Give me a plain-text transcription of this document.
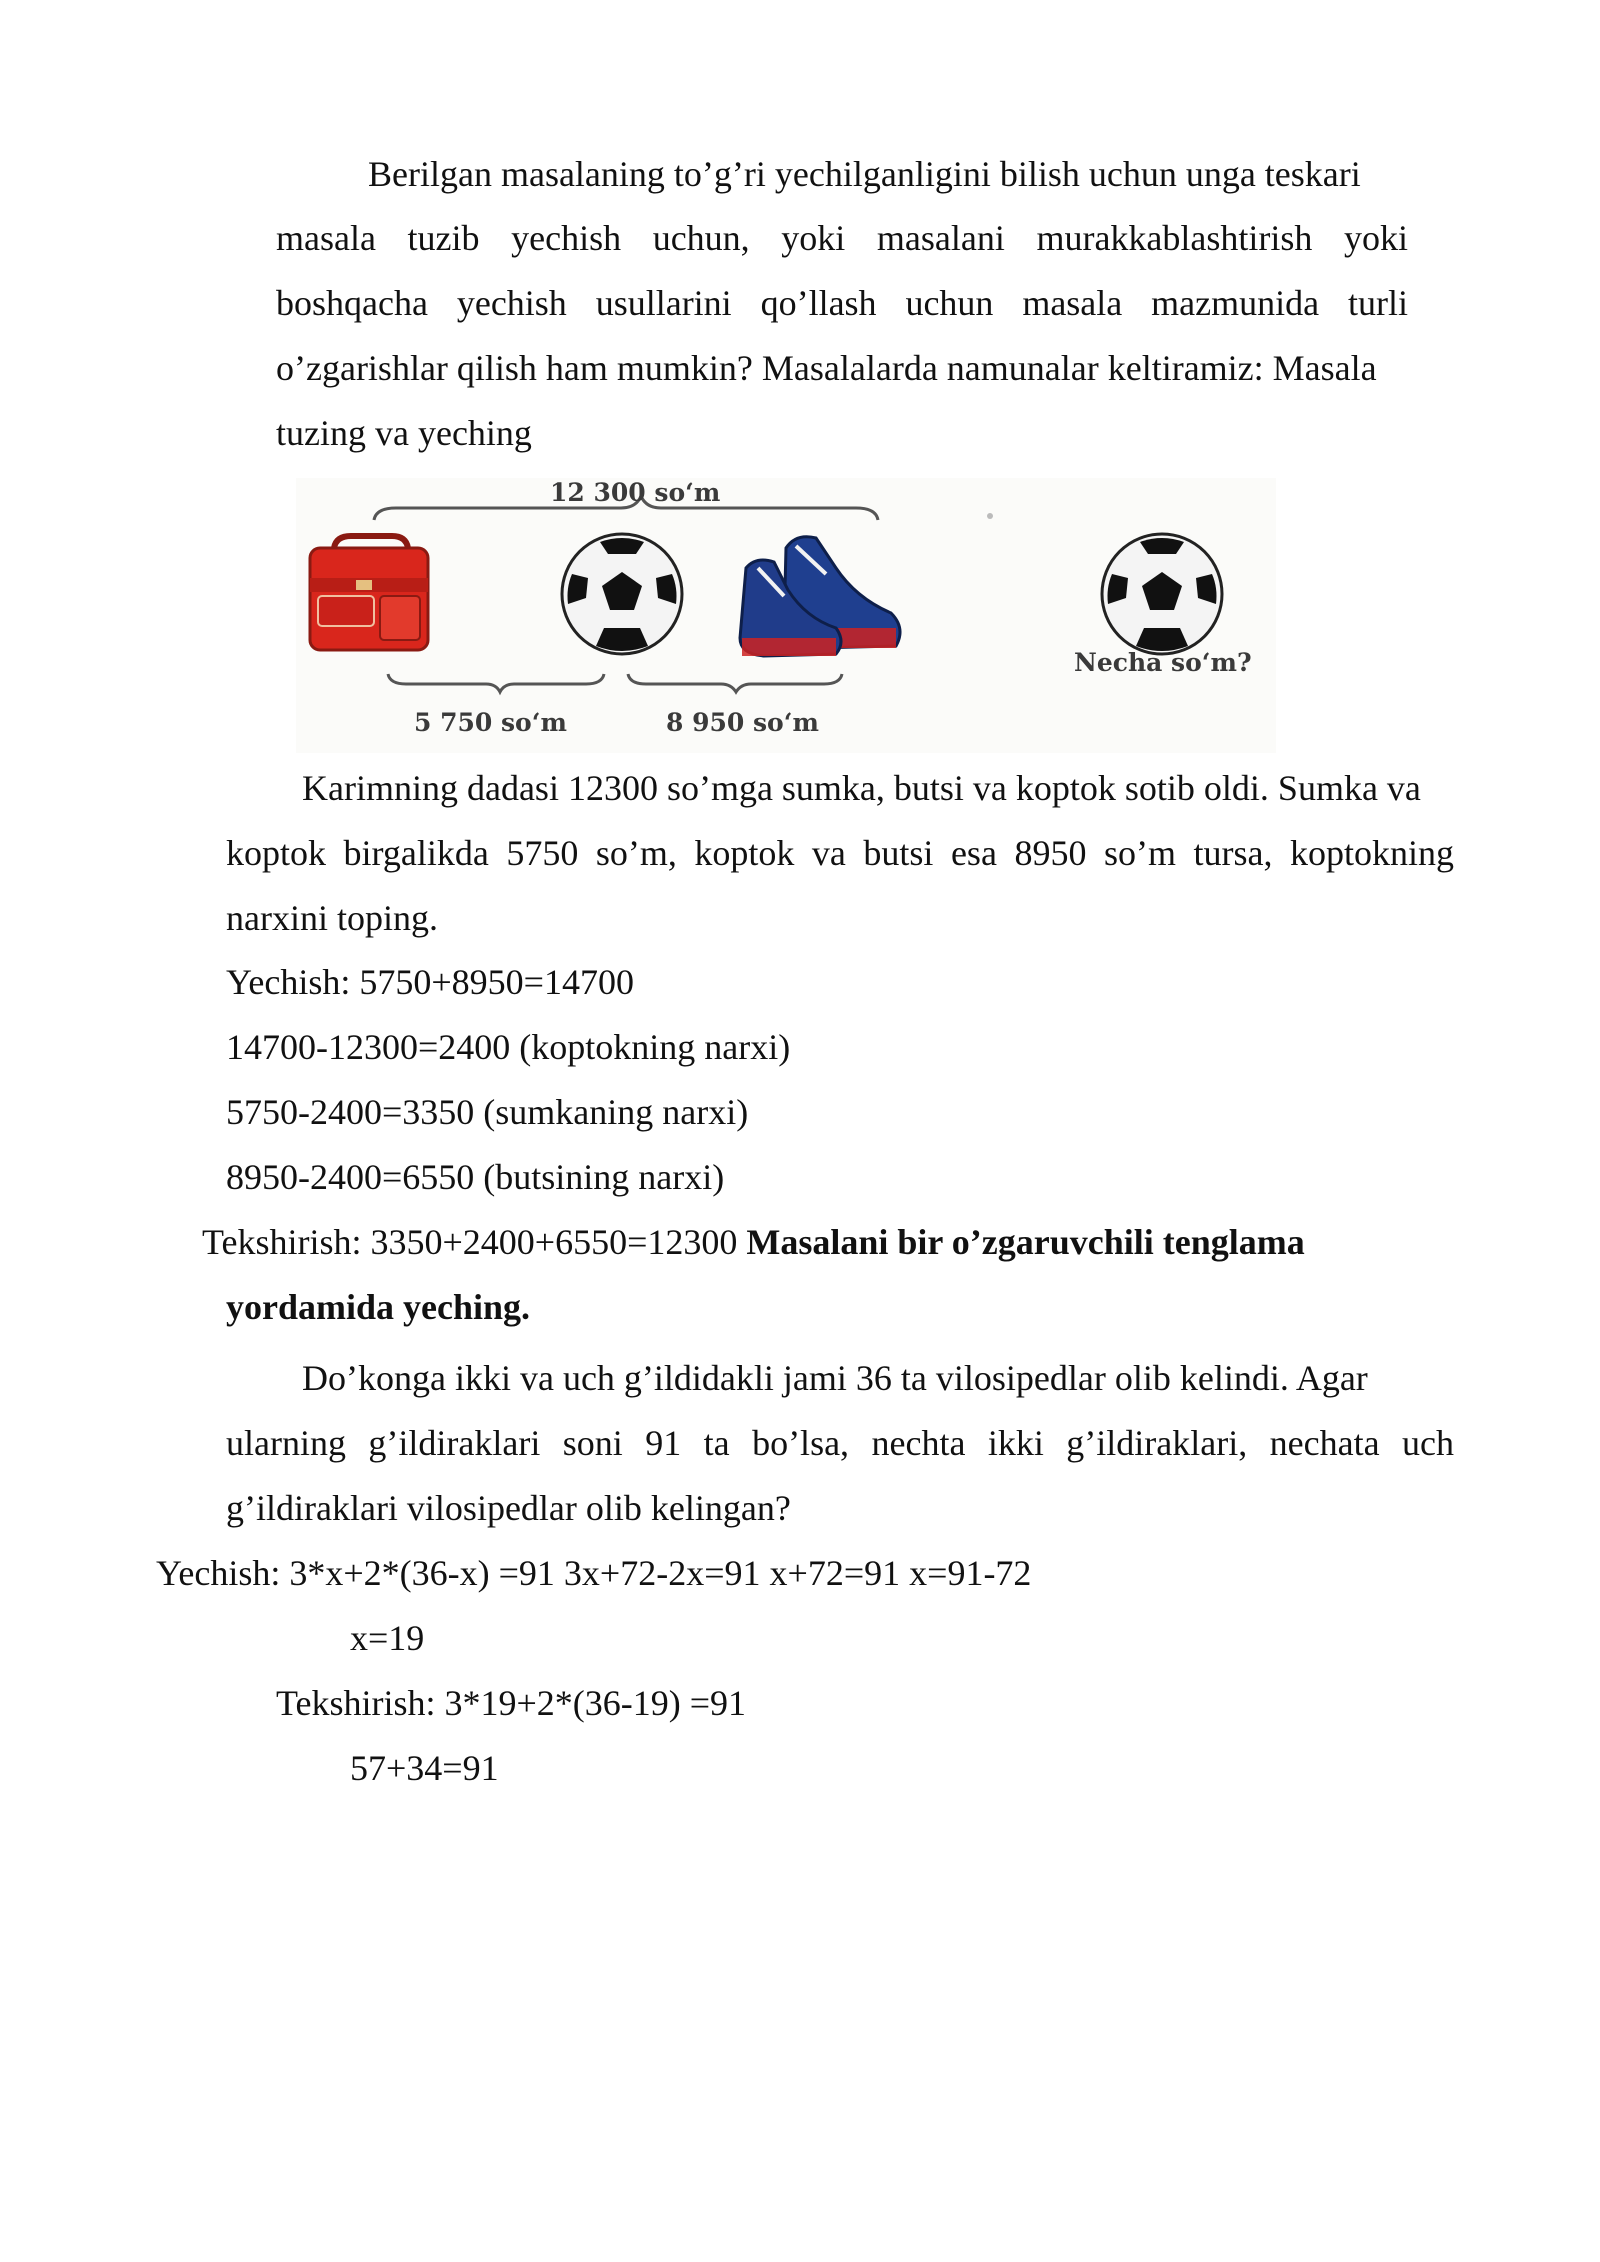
Berilgan masalaning to’g’ri yechilganligini bilish uchun unga teskari
masala tuzib yechish uchun, yoki masalani murakkablashtirish yoki
boshqacha yechish usullarini qo’llash uchun masala mazmunida turli
o’zgarishlar qilish ham mumkin? Masalalarda namunalar keltiramiz: Masala
tuzing va yeching
12 300 so‘m
5 750 so‘m	8 950 so‘m
Necha so‘m?
Karimning dadasi 12300 so’mga sumka, butsi va koptok sotib oldi. Sumka va
koptok birgalikda 5750 so’m, koptok va butsi esa 8950 so’m tursa, koptokning
narxini toping.
Yechish: 5750+8950=14700
14700-12300=2400 (koptokning narxi)
5750-2400=3350 (sumkaning narxi)
8950-2400=6550 (butsining narxi)
Tekshirish: 3350+2400+6550=12300 Masalani bir o’zgaruvchili tenglama
yordamida yeching.
Do’konga ikki va uch g’ildidakli jami 36 ta vilosipedlar olib kelindi. Agar
ularning g’ildiraklari soni 91 ta bo’lsa, nechta ikki g’ildiraklari, nechata uch
g’ildiraklari vilosipedlar olib kelingan?
Yechish: 3*x+2*(36-x) =91 3x+72-2x=91 x+72=91 x=91-72
x=19
Tekshirish: 3*19+2*(36-19) =91
57+34=91
